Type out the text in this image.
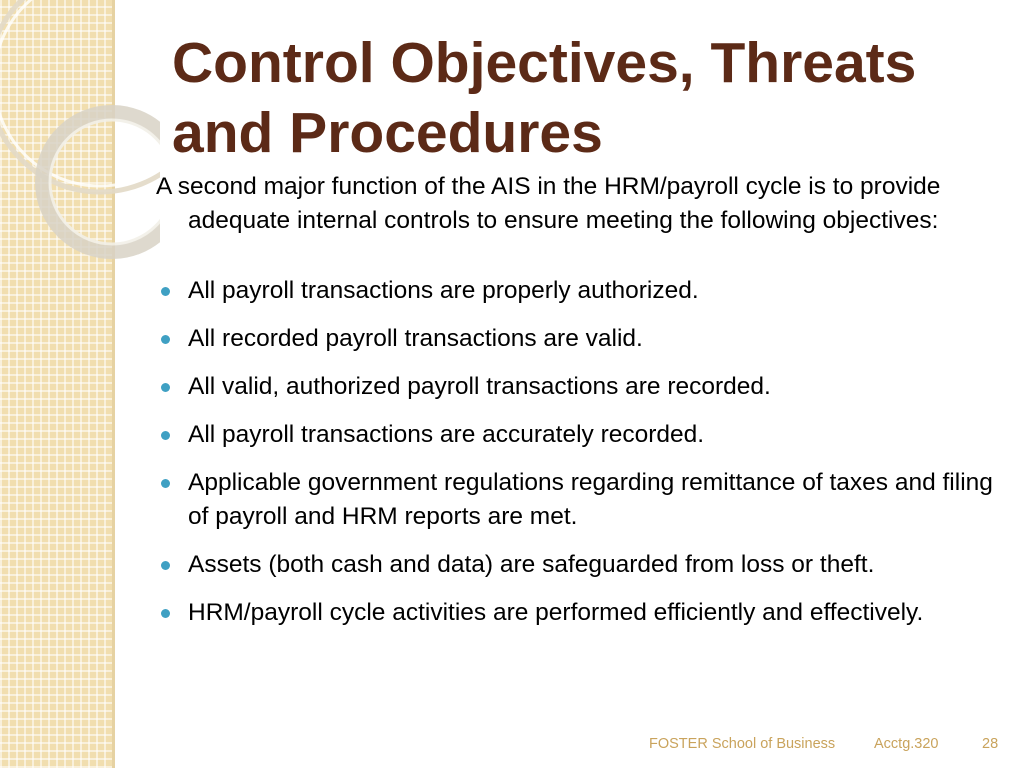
Control Objectives, Threats and Procedures

A second major function of the AIS in the HRM/payroll cycle is to provide adequate internal controls to ensure meeting the following objectives:

All payroll transactions are properly authorized.
All recorded payroll transactions are valid.
All valid, authorized payroll transactions are recorded.
All payroll transactions are accurately recorded.
Applicable government regulations regarding remittance of taxes and filing of payroll and HRM reports are met.
Assets (both cash and data) are safeguarded from loss or theft.
HRM/payroll cycle activities are performed efficiently and effectively.
FOSTER School of Business	Acctg.320	28
